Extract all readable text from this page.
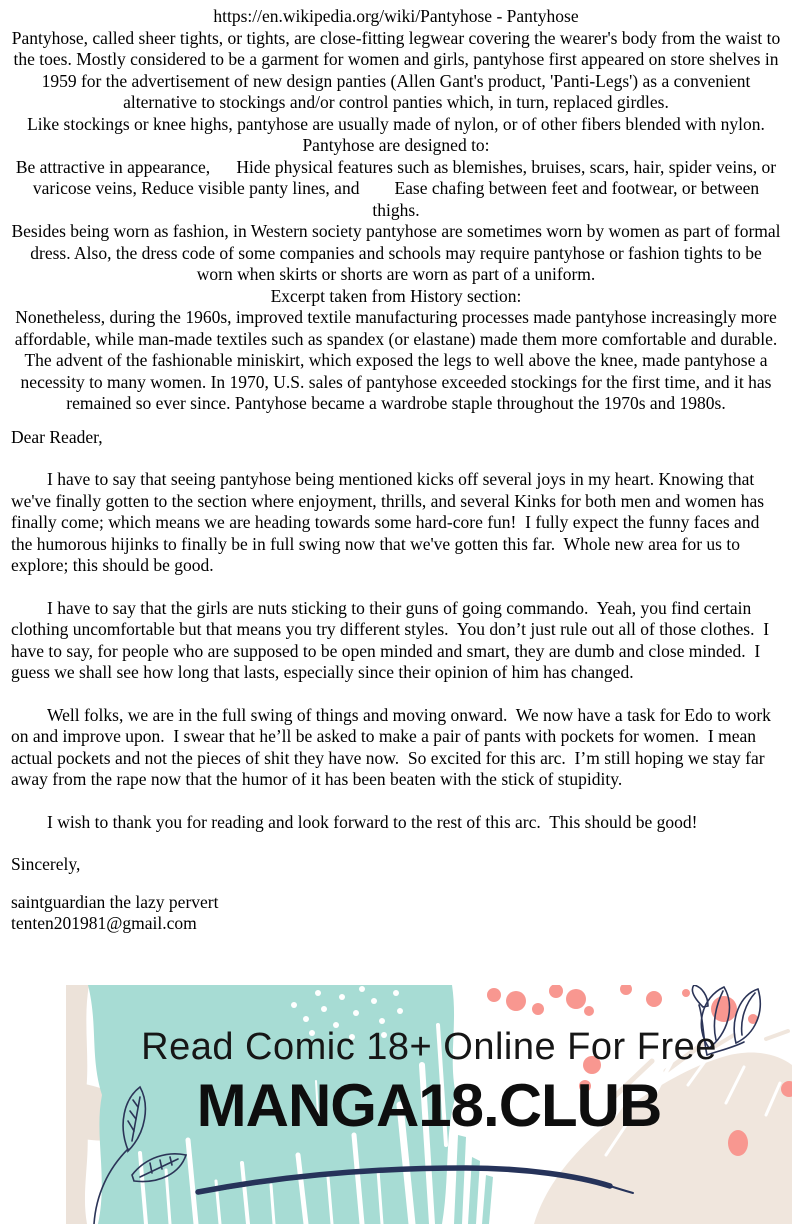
https://en.wikipedia.org/wiki/Pantyhose - Pantyhose
Pantyhose, called sheer tights, or tights, are close-fitting legwear covering the wearer's body from the waist to the toes. Mostly considered to be a garment for women and girls, pantyhose first appeared on store shelves in 1959 for the advertisement of new design panties (Allen Gant's product, 'Panti-Legs') as a convenient alternative to stockings and/or control panties which, in turn, replaced girdles.
Like stockings or knee highs, pantyhose are usually made of nylon, or of other fibers blended with nylon.
Pantyhose are designed to:
Be attractive in appearance,      Hide physical features such as blemishes, bruises, scars, hair, spider veins, or varicose veins, Reduce visible panty lines, and        Ease chafing between feet and footwear, or between thighs.
Besides being worn as fashion, in Western society pantyhose are sometimes worn by women as part of formal dress. Also, the dress code of some companies and schools may require pantyhose or fashion tights to be worn when skirts or shorts are worn as part of a uniform.
Excerpt taken from History section:
Nonetheless, during the 1960s, improved textile manufacturing processes made pantyhose increasingly more affordable, while man-made textiles such as spandex (or elastane) made them more comfortable and durable. The advent of the fashionable miniskirt, which exposed the legs to well above the knee, made pantyhose a necessity to many women. In 1970, U.S. sales of pantyhose exceeded stockings for the first time, and it has remained so ever since. Pantyhose became a wardrobe staple throughout the 1970s and 1980s.
Dear Reader,

I have to say that seeing pantyhose being mentioned kicks off several joys in my heart. Knowing that we've finally gotten to the section where enjoyment, thrills, and several Kinks for both men and women has finally come; which means we are heading towards some hard-core fun!  I fully expect the funny faces and the humorous hijinks to finally be in full swing now that we've gotten this far.  Whole new area for us to explore; this should be good.

I have to say that the girls are nuts sticking to their guns of going commando.  Yeah, you find certain clothing uncomfortable but that means you try different styles.  You don’t just rule out all of those clothes.  I have to say, for people who are supposed to be open minded and smart, they are dumb and close minded.  I guess we shall see how long that lasts, especially since their opinion of him has changed.

Well folks, we are in the full swing of things and moving onward.  We now have a task for Edo to work on and improve upon.  I swear that he’ll be asked to make a pair of pants with pockets for women.  I mean actual pockets and not the pieces of shit they have now.  So excited for this arc.  I’m still hoping we stay far away from the rape now that the humor of it has been beaten with the stick of stupidity.

I wish to thank you for reading and look forward to the rest of this arc.  This should be good!

Sincerely,
saintguardian the lazy pervert
tenten201981@gmail.com
Read Comic 18+ Online For Free
MANGA18.CLUB
